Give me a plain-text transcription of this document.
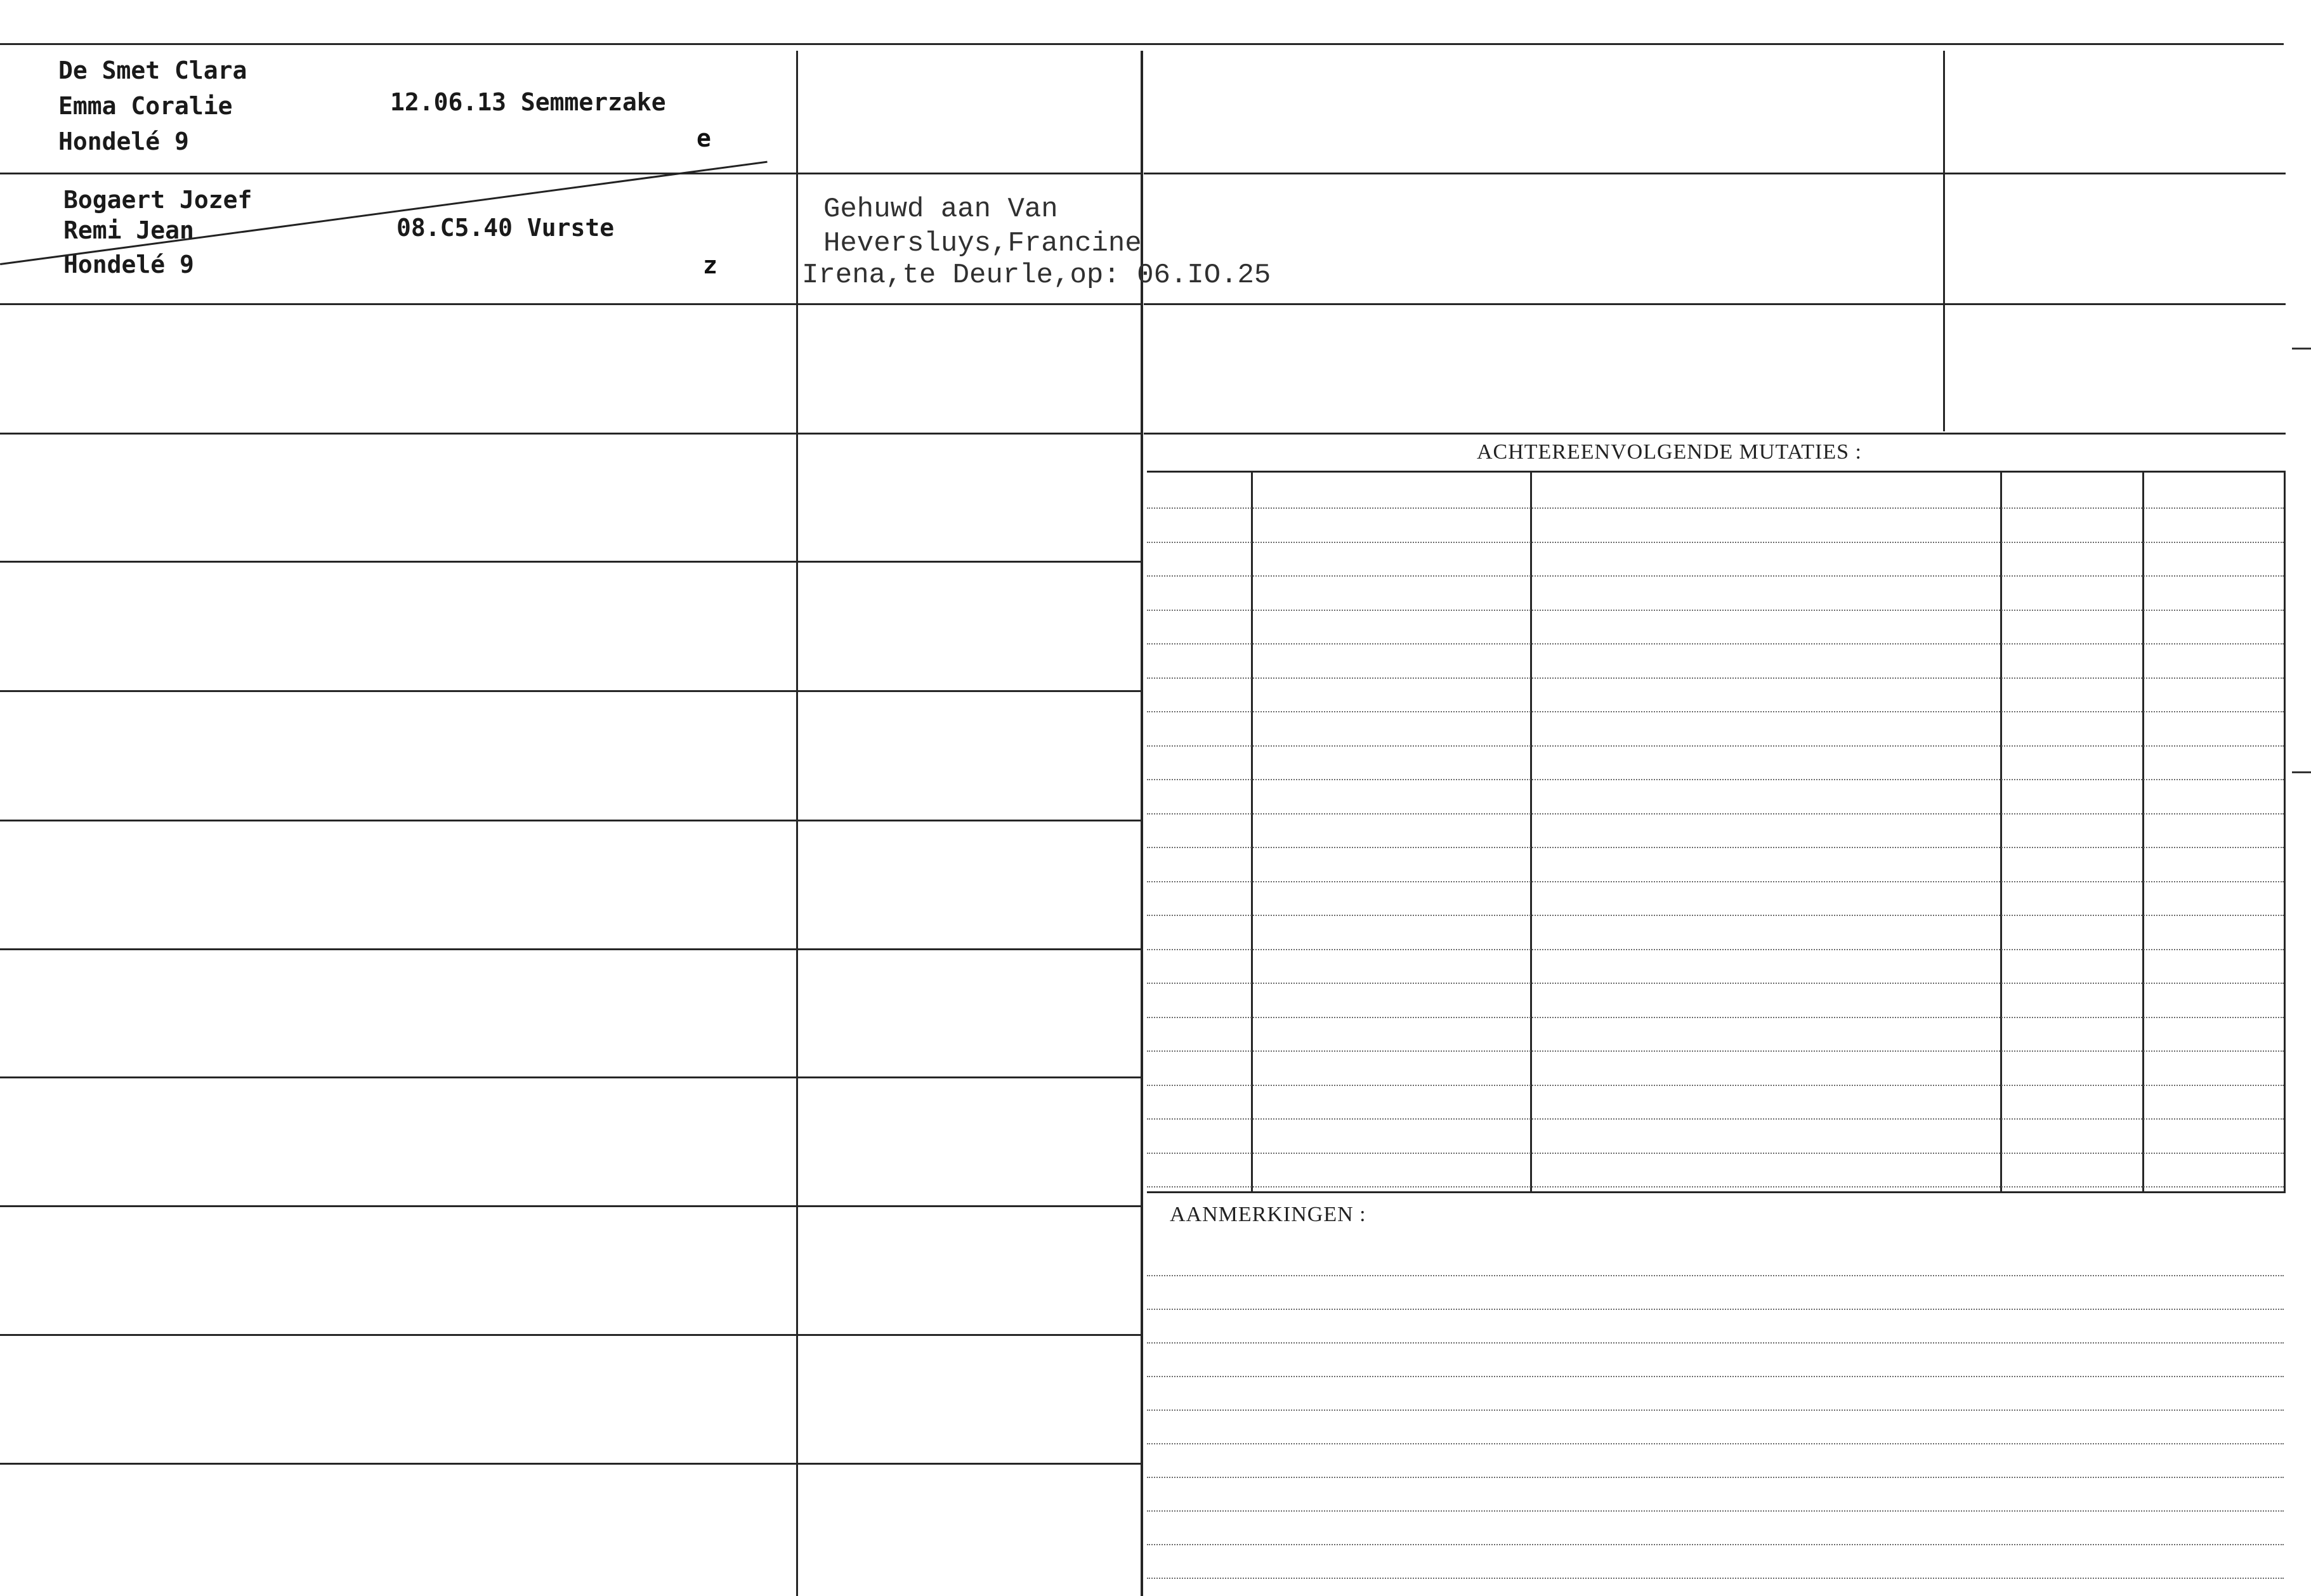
De Smet Clara
Emma Coralie
Hondelé 9
12.06.13 Semmerzake
e
Bogaert Jozef
Remi Jean
Hondelé 9
08.C5.40 Vurste
z
Gehuwd aan Van
Heversluys,Francine
Irena,te Deurle,op: 06.IO.25
ACHTEREENVOLGENDE MUTATIES :
AANMERKINGEN :
